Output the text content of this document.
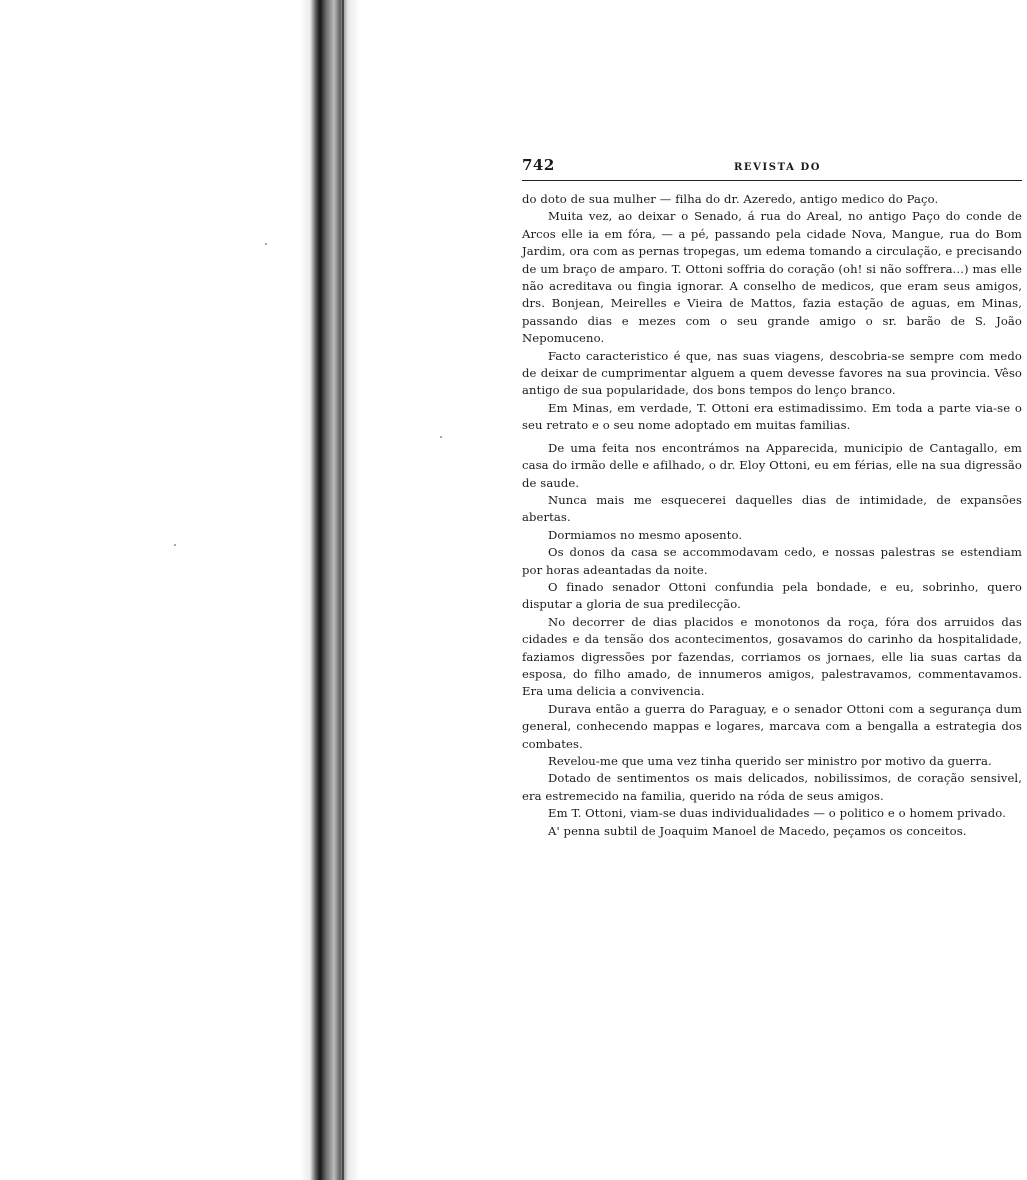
742	REVISTA DO

do doto de sua mulher — filha do dr. Azeredo, antigo medico do Paço.

Muita vez, ao deixar o Senado, á rua do Areal, no antigo Paço do conde de Arcos elle ia em fóra, — a pé, passando pela cidade Nova, Mangue, rua do Bom Jardim, ora com as pernas tropegas, um edema tomando a circulação, e precisando de um braço de amparo. T. Ottoni soffria do coração (oh! si não soffrera...) mas elle não acreditava ou fingia ignorar. A conselho de medicos, que eram seus amigos, drs. Bonjean, Meirelles e Vieira de Mattos, fazia estação de aguas, em Minas, passando dias e mezes com o seu grande amigo o sr. barão de S. João Nepomuceno.

Facto caracteristico é que, nas suas viagens, descobria-se sempre com medo de deixar de cumprimentar alguem a quem devesse favores na sua provincia. Vêso antigo de sua popularidade, dos bons tempos do lenço branco.

Em Minas, em verdade, T. Ottoni era estimadissimo. Em toda a parte via-se o seu retrato e o seu nome adoptado em muitas familias.

De uma feita nos encontrámos na Apparecida, municipio de Cantagallo, em casa do irmão delle e afilhado, o dr. Eloy Ottoni, eu em férias, elle na sua digressão de saude.

Nunca mais me esquecerei daquelles dias de intimidade, de expansões abertas.

Dormiamos no mesmo aposento.

Os donos da casa se accommodavam cedo, e nossas palestras se estendiam por horas adeantadas da noite.

O finado senador Ottoni confundia pela bondade, e eu, sobrinho, quero disputar a gloria de sua predilecção.

No decorrer de dias placidos e monotonos da roça, fóra dos arruidos das cidades e da tensão dos acontecimentos, gosavamos do carinho da hospitalidade, faziamos digressões por fazendas, corriamos os jornaes, elle lia suas cartas da esposa, do filho amado, de innumeros amigos, palestravamos, commentavamos. Era uma delicia a convivencia.

Durava então a guerra do Paraguay, e o senador Ottoni com a segurança dum general, conhecendo mappas e logares, marcava com a bengalla a estrategia dos combates.

Revelou-me que uma vez tinha querido ser ministro por motivo da guerra.

Dotado de sentimentos os mais delicados, nobilissimos, de coração sensivel, era estremecido na familia, querido na róda de seus amigos.

Em T. Ottoni, viam-se duas individualidades — o politico e o homem privado.

A' penna subtil de Joaquim Manoel de Macedo, peçamos os conceitos.
